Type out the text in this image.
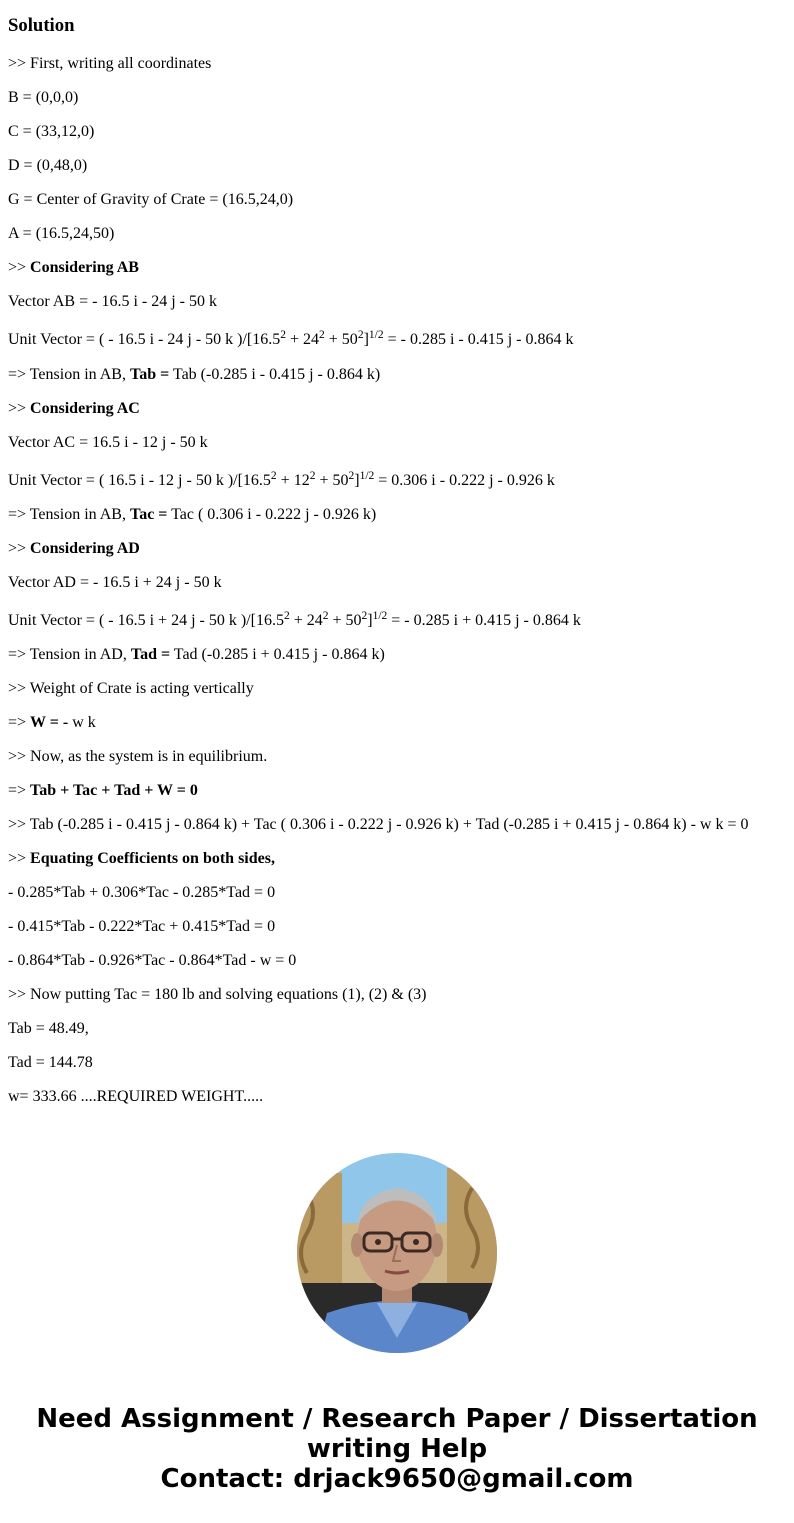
Solution
>> First, writing all coordinates
B = (0,0,0)
C = (33,12,0)
D = (0,48,0)
G = Center of Gravity of Crate = (16.5,24,0)
A = (16.5,24,50)
>> Considering AB
Vector AB = - 16.5 i - 24 j - 50 k
Unit Vector = ( - 16.5 i - 24 j - 50 k )$/[16.5^2 + 24^2 + 50^2]^{1/2}$ = - 0.285 i - 0.415 j - 0.864 k
=> Tension in AB, Tab = Tab (-0.285 i - 0.415 j - 0.864 k)
>> Considering AC
Vector AC = 16.5 i - 12 j - 50 k
Unit Vector = ( 16.5 i - 12 j - 50 k )$/[16.5^2 + 12^2 + 50^2]^{1/2} = 0.306$ i - 0.222 j - 0.926 k
=> Tension in AB, Tac = Tac ( 0.306 i - 0.222 j - 0.926 k)
>> Considering AD
Vector AD = - 16.5 i + 24 j - 50 k
Unit Vector = ( - 16.5 i + 24 j - 50 k )$/[16.5^2 + 24^2 + 50^2]^{1/2}$ = - 0.285 i + 0.415 j - 0.864 k
=> Tension in AD, Tad = Tad (-0.285 i + 0.415 j - 0.864 k)
>> Weight of Crate is acting vertically
=> W = - w k
>> Now, as the system is in equilibrium.
=> Tab + Tac + Tad + W = 0
>> Tab (-0.285 i - 0.415 j - 0.864 k) + Tac ( 0.306 i - 0.222 j - 0.926 k) + Tad (-0.285 i + 0.415 j - 0.864 k) - w k = 0
>> Equating Coefficients on both sides,
- 0.285*Tab + 0.306*Tac - 0.285*Tad = 0
- 0.415*Tab - 0.222*Tac + 0.415*Tad = 0
- 0.864*Tab - 0.926*Tac - 0.864*Tad - w = 0
>> Now putting Tac = 180 lb and solving equations (1), (2) & (3)
Tab = 48.49,
Tad = 144.78
w= 333.66 ....REQUIRED WEIGHT.....
Need Assignment / Research Paper / Dissertation
writing Help
Contact: drjack9650@gmail.com
